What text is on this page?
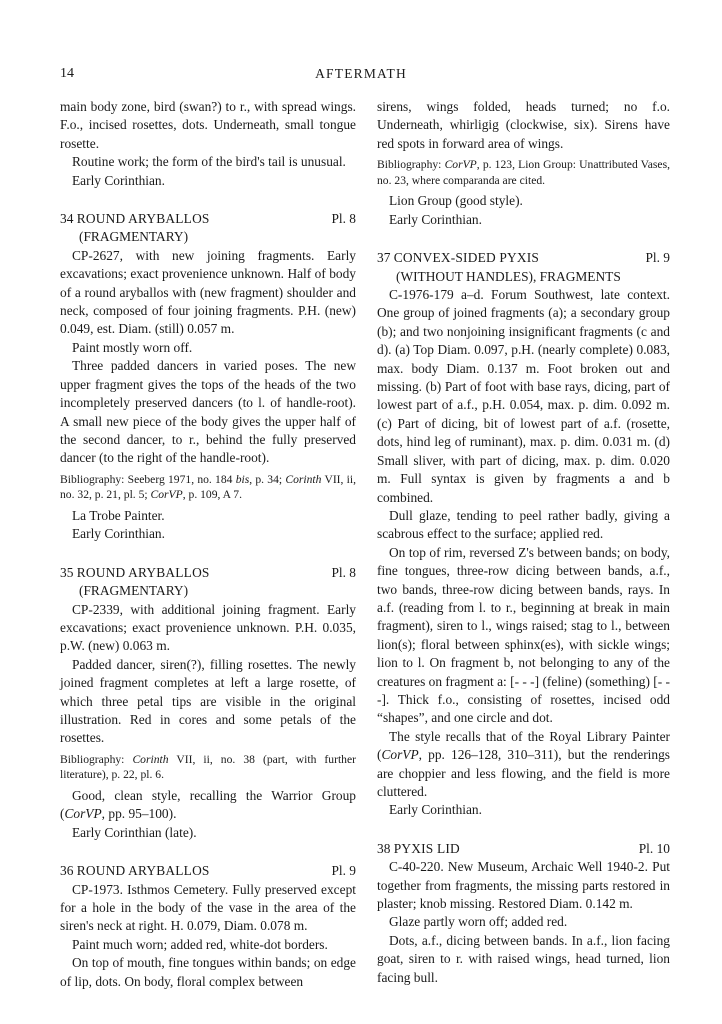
14	AFTERMATH

main body zone, bird (swan?) to r., with spread wings. F.o., incised rosettes, dots. Underneath, small tongue rosette.

Routine work; the form of the bird's tail is unusual.

Early Corinthian.

34 ROUND ARYBALLOS	Pl. 8
(FRAGMENTARY)

CP-2627, with new joining fragments. Early excavations; exact provenience unknown. Half of body of a round aryballos with (new fragment) shoulder and neck, composed of four joining fragments. P.H. (new) 0.049, est. Diam. (still) 0.057 m.

Paint mostly worn off.

Three padded dancers in varied poses. The new upper fragment gives the tops of the heads of the two incompletely preserved dancers (to l. of handle-root). A small new piece of the body gives the upper half of the second dancer, to r., behind the fully preserved dancer (to the right of the handle-root).

Bibliography: Seeberg 1971, no. 184 bis, p. 34; Corinth VII, ii, no. 32, p. 21, pl. 5; CorVP, p. 109, A 7.

La Trobe Painter.

Early Corinthian.

35 ROUND ARYBALLOS	Pl. 8
(FRAGMENTARY)

CP-2339, with additional joining fragment. Early excavations; exact provenience unknown. P.H. 0.035, p.W. (new) 0.063 m.

Padded dancer, siren(?), filling rosettes. The newly joined fragment completes at left a large rosette, of which three petal tips are visible in the original illustration. Red in cores and some petals of the rosettes.

Bibliography: Corinth VII, ii, no. 38 (part, with further literature), p. 22, pl. 6.

Good, clean style, recalling the Warrior Group (CorVP, pp. 95–100).

Early Corinthian (late).

36 ROUND ARYBALLOS	Pl. 9

CP-1973. Isthmos Cemetery. Fully preserved except for a hole in the body of the vase in the area of the siren's neck at right. H. 0.079, Diam. 0.078 m.

Paint much worn; added red, white-dot borders.

On top of mouth, fine tongues within bands; on edge of lip, dots. On body, floral complex between

sirens, wings folded, heads turned; no f.o. Underneath, whirligig (clockwise, six). Sirens have red spots in forward area of wings.

Bibliography: CorVP, p. 123, Lion Group: Unattributed Vases, no. 23, where comparanda are cited.

Lion Group (good style).

Early Corinthian.

37 CONVEX-SIDED PYXIS	Pl. 9
(WITHOUT HANDLES), FRAGMENTS

C-1976-179 a–d. Forum Southwest, late context. One group of joined fragments (a); a secondary group (b); and two nonjoining insignificant fragments (c and d). (a) Top Diam. 0.097, p.H. (nearly complete) 0.083, max. body Diam. 0.137 m. Foot broken out and missing. (b) Part of foot with base rays, dicing, part of lowest part of a.f., p.H. 0.054, max. p. dim. 0.092 m. (c) Part of dicing, bit of lowest part of a.f. (rosette, dots, hind leg of ruminant), max. p. dim. 0.031 m. (d) Small sliver, with part of dicing, max. p. dim. 0.020 m. Full syntax is given by fragments a and b combined.

Dull glaze, tending to peel rather badly, giving a scabrous effect to the surface; applied red.

On top of rim, reversed Z's between bands; on body, fine tongues, three-row dicing between bands, a.f., two bands, three-row dicing between bands, rays. In a.f. (reading from l. to r., beginning at break in main fragment), siren to l., wings raised; stag to l., between lion(s); floral between sphinx(es), with sickle wings; lion to l. On fragment b, not belonging to any of the creatures on fragment a: [- - -] (feline) (something) [- - -]. Thick f.o., consisting of rosettes, incised odd “shapes”, and one circle and dot.

The style recalls that of the Royal Library Painter (CorVP, pp. 126–128, 310–311), but the renderings are choppier and less flowing, and the field is more cluttered.

Early Corinthian.

38 PYXIS LID	Pl. 10

C-40-220. New Museum, Archaic Well 1940-2. Put together from fragments, the missing parts restored in plaster; knob missing. Restored Diam. 0.142 m.

Glaze partly worn off; added red.

Dots, a.f., dicing between bands. In a.f., lion facing goat, siren to r. with raised wings, head turned, lion facing bull.
